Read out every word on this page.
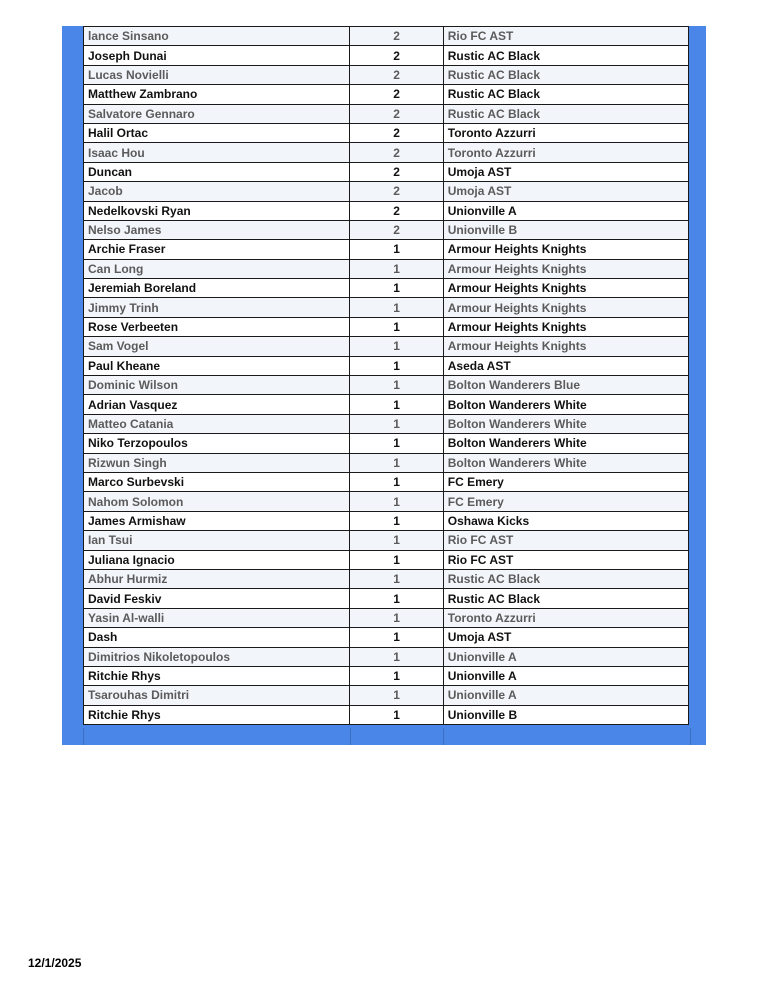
lance Sinsano	2	Rio FC AST
Joseph Dunai	2	Rustic AC Black
Lucas Novielli	2	Rustic AC Black
Matthew Zambrano	2	Rustic AC Black
Salvatore Gennaro	2	Rustic AC Black
Halil Ortac	2	Toronto Azzurri
Isaac Hou	2	Toronto Azzurri
Duncan	2	Umoja AST
Jacob	2	Umoja AST
Nedelkovski Ryan	2	Unionville A
Nelso James	2	Unionville B
Archie Fraser	1	Armour Heights Knights
Can Long	1	Armour Heights Knights
Jeremiah Boreland	1	Armour Heights Knights
Jimmy Trinh	1	Armour Heights Knights
Rose Verbeeten	1	Armour Heights Knights
Sam Vogel	1	Armour Heights Knights
Paul Kheane	1	Aseda AST
Dominic Wilson	1	Bolton Wanderers Blue
Adrian Vasquez	1	Bolton Wanderers White
Matteo Catania	1	Bolton Wanderers White
Niko Terzopoulos	1	Bolton Wanderers White
Rizwun Singh	1	Bolton Wanderers White
Marco Surbevski	1	FC Emery
Nahom Solomon	1	FC Emery
James Armishaw	1	Oshawa Kicks
Ian Tsui	1	Rio FC AST
Juliana Ignacio	1	Rio FC AST
Abhur Hurmiz	1	Rustic AC Black
David Feskiv	1	Rustic AC Black
Yasin Al-walli	1	Toronto Azzurri
Dash	1	Umoja AST
Dimitrios Nikoletopoulos	1	Unionville A
Ritchie Rhys	1	Unionville A
Tsarouhas Dimitri	1	Unionville A
Ritchie Rhys	1	Unionville B
12/1/2025
